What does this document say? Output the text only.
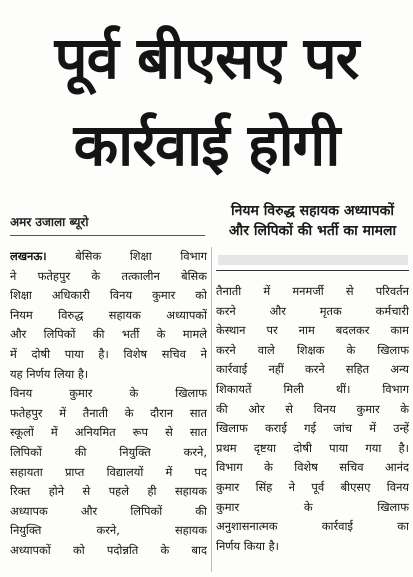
पूर्व बीएसए पर
कार्रवाई होगी
अमर उजाला ब्यूरो
नियम विरुद्ध सहायक अध्यापकों और लिपिकों की भर्ती का मामला
लखनऊ।	बेसिक शिक्षा विभाग
ने फतेहपुर के तत्कालीन बेसिक
शिक्षा अधिकारी विनय कुमार को
नियम विरुद्ध सहायक अध्यापकों
और लिपिकों की भर्ती के मामले
में दोषी पाया है। विशेष सचिव ने
यह निर्णय लिया है।
विनय कुमार के खिलाफ
फतेहपुर में तैनाती के दौरान सात
स्कूलों में अनियमित रूप से सात
लिपिकों की नियुक्ति करने,
सहायता प्राप्त विद्यालयों में पद
रिक्त होने से पहले ही सहायक
अध्यापक और लिपिकों की
नियुक्ति करने, सहायक
अध्यापकों को पदोन्नति के बाद
तैनाती में मनमर्जी से परिवर्तन
करने और मृतक कर्मचारी
केस्थान पर नाम बदलकर काम
करने वाले शिक्षक के खिलाफ
कार्रवाई नहीं करने सहित अन्य
शिकायतें मिली थीं। विभाग
की ओर से विनय कुमार के
खिलाफ कराई गई जांच में उन्हें
प्रथम दृष्टया दोषी पाया गया है।
विभाग के विशेष सचिव आनंद
कुमार सिंह ने पूर्व बीएसए विनय
कुमार के खिलाफ
अनुशासनात्मक कार्रवाई का
निर्णय किया है।
